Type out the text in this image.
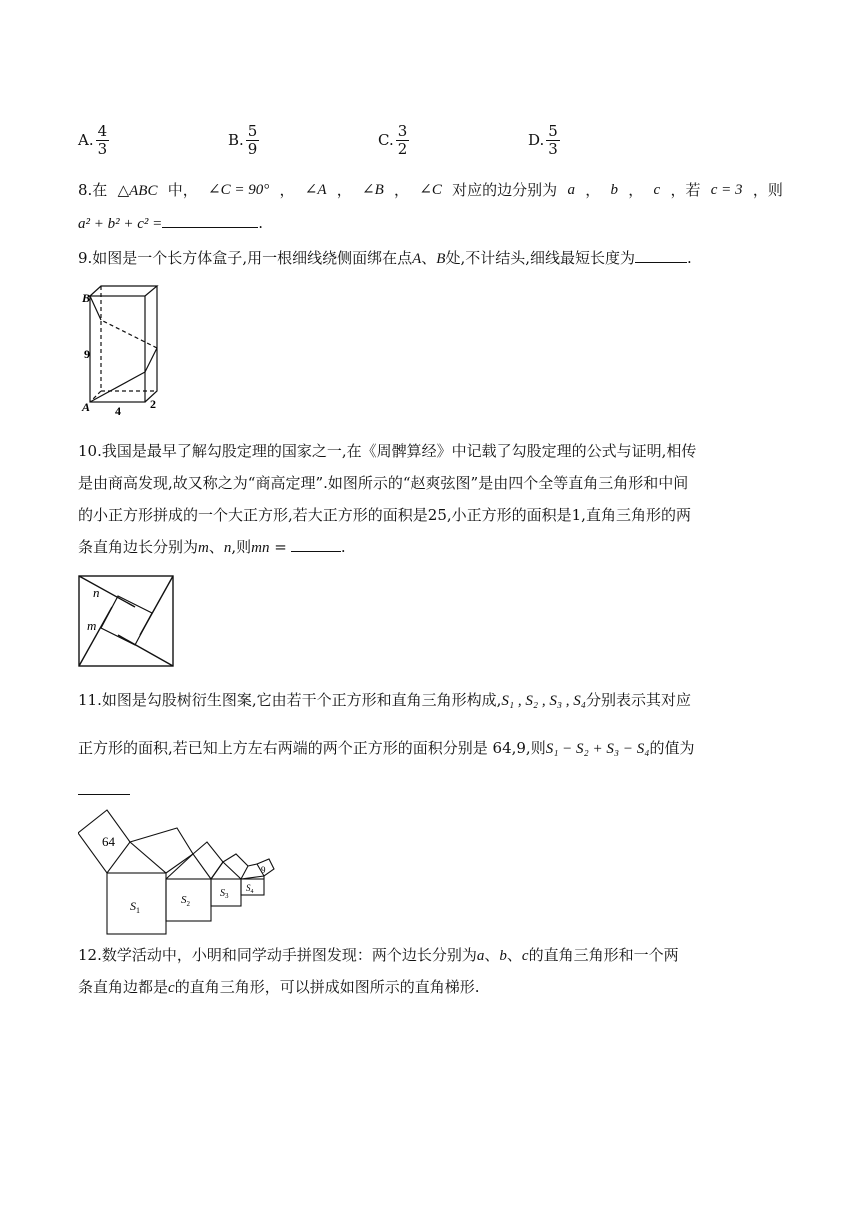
A. $\frac{4}{3}$	B. $\frac{5}{9}$	C. $\frac{3}{2}$	D. $\frac{5}{3}$
8.在 △ABC 中， ∠C = 90° ， ∠A ， ∠B ， ∠C 对应的边分别为 a ， b ， c ，若 c = 3 ，则
a² + b² + c² =	.
9.如图是一个长方体盒子,用一根细线绕侧面绑在点A、B处,不计结头,细线最短长度为	.
B
A
9
4 2
10.我国是最早了解勾股定理的国家之一,在《周髀算经》中记载了勾股定理的公式与证明,相传
是由商高发现,故又称之为“商高定理”.如图所示的“赵爽弦图”是由四个全等直角三角形和中间
的小正方形拼成的一个大正方形,若大正方形的面积是25,小正方形的面积是1,直角三角形的两
条直角边长分别为m、n,则mn =	.
n
m
11.如图是勾股树衍生图案,它由若干个正方形和直角三角形构成,S₁ , S₂ , S₃ , S₄分别表示其对应
正方形的面积,若已知上方左右两端的两个正方形的面积分别是 64,9,则S₁ − S₂ + S₃ − S₄的值为
64
9
$S_1$
$S_2$
$S_3$
$S_4$
12.数学活动中，小明和同学动手拼图发现：两个边长分别为a、b、c的直角三角形和一个两
条直角边都是c的直角三角形，可以拼成如图所示的直角梯形.
